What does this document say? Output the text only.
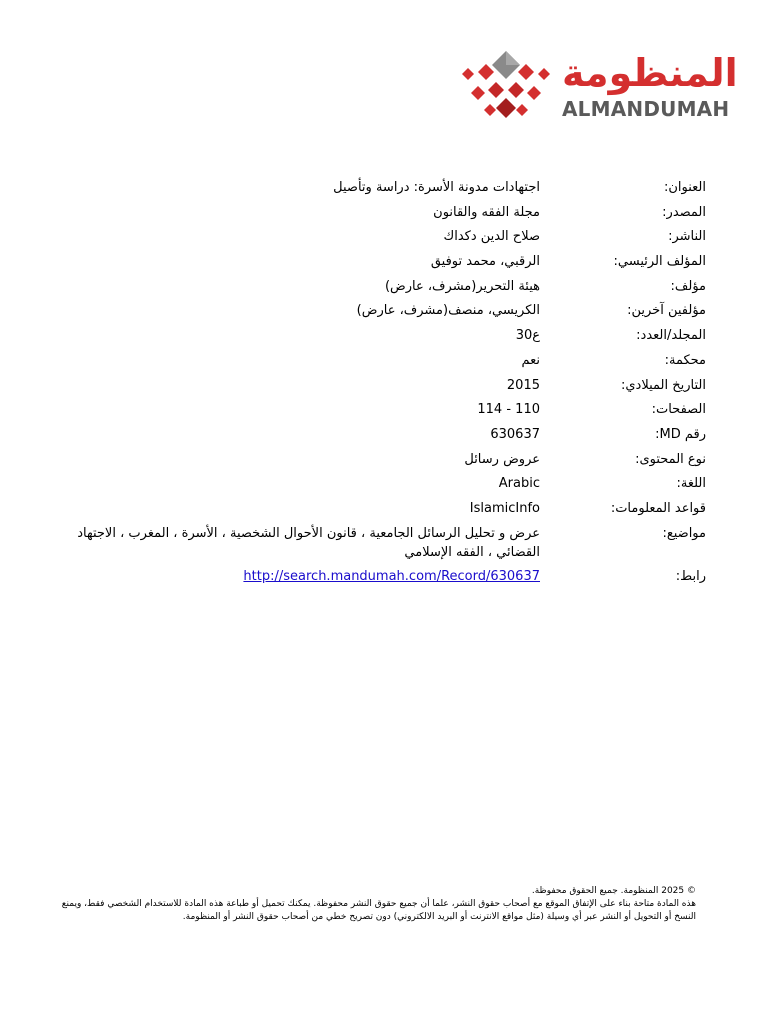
المنظومة
ALMANDUMAH
العنوان:
اجتهادات مدونة الأسرة: دراسة وتأصيل
المصدر:
مجلة الفقه والقانون
الناشر:
صلاح الدين دكداك
المؤلف الرئيسي:
الرقبي، محمد توفيق
مؤلف:
هيئة التحرير(مشرف، عارض)
مؤلفين آخرين:
الكريسي، منصف(مشرف، عارض)
المجلد/العدد:
ع30
محكمة:
نعم
التاريخ الميلادي:
2015
الصفحات:
110 - 114
رقم MD:
630637
نوع المحتوى:
عروض رسائل
اللغة:
Arabic
قواعد المعلومات:
IslamicInfo
مواضيع:
عرض و تحليل الرسائل الجامعية ، قانون الأحوال الشخصية ، الأسرة ، المغرب ، الاجتهاد القضائي ، الفقه الإسلامي
رابط:
http://search.mandumah.com/Record/630637

© 2025 المنظومة. جميع الحقوق محفوظة.

هذه المادة متاحة بناء على الإتفاق الموقع مع أصحاب حقوق النشر، علما أن جميع حقوق النشر محفوظة. يمكنك تحميل أو طباعة هذه المادة للاستخدام الشخصي فقط، ويمنع النسخ أو التحويل أو النشر عبر أي وسيلة (مثل مواقع الانترنت أو البريد الالكتروني) دون تصريح خطي من أصحاب حقوق النشر أو المنظومة.
